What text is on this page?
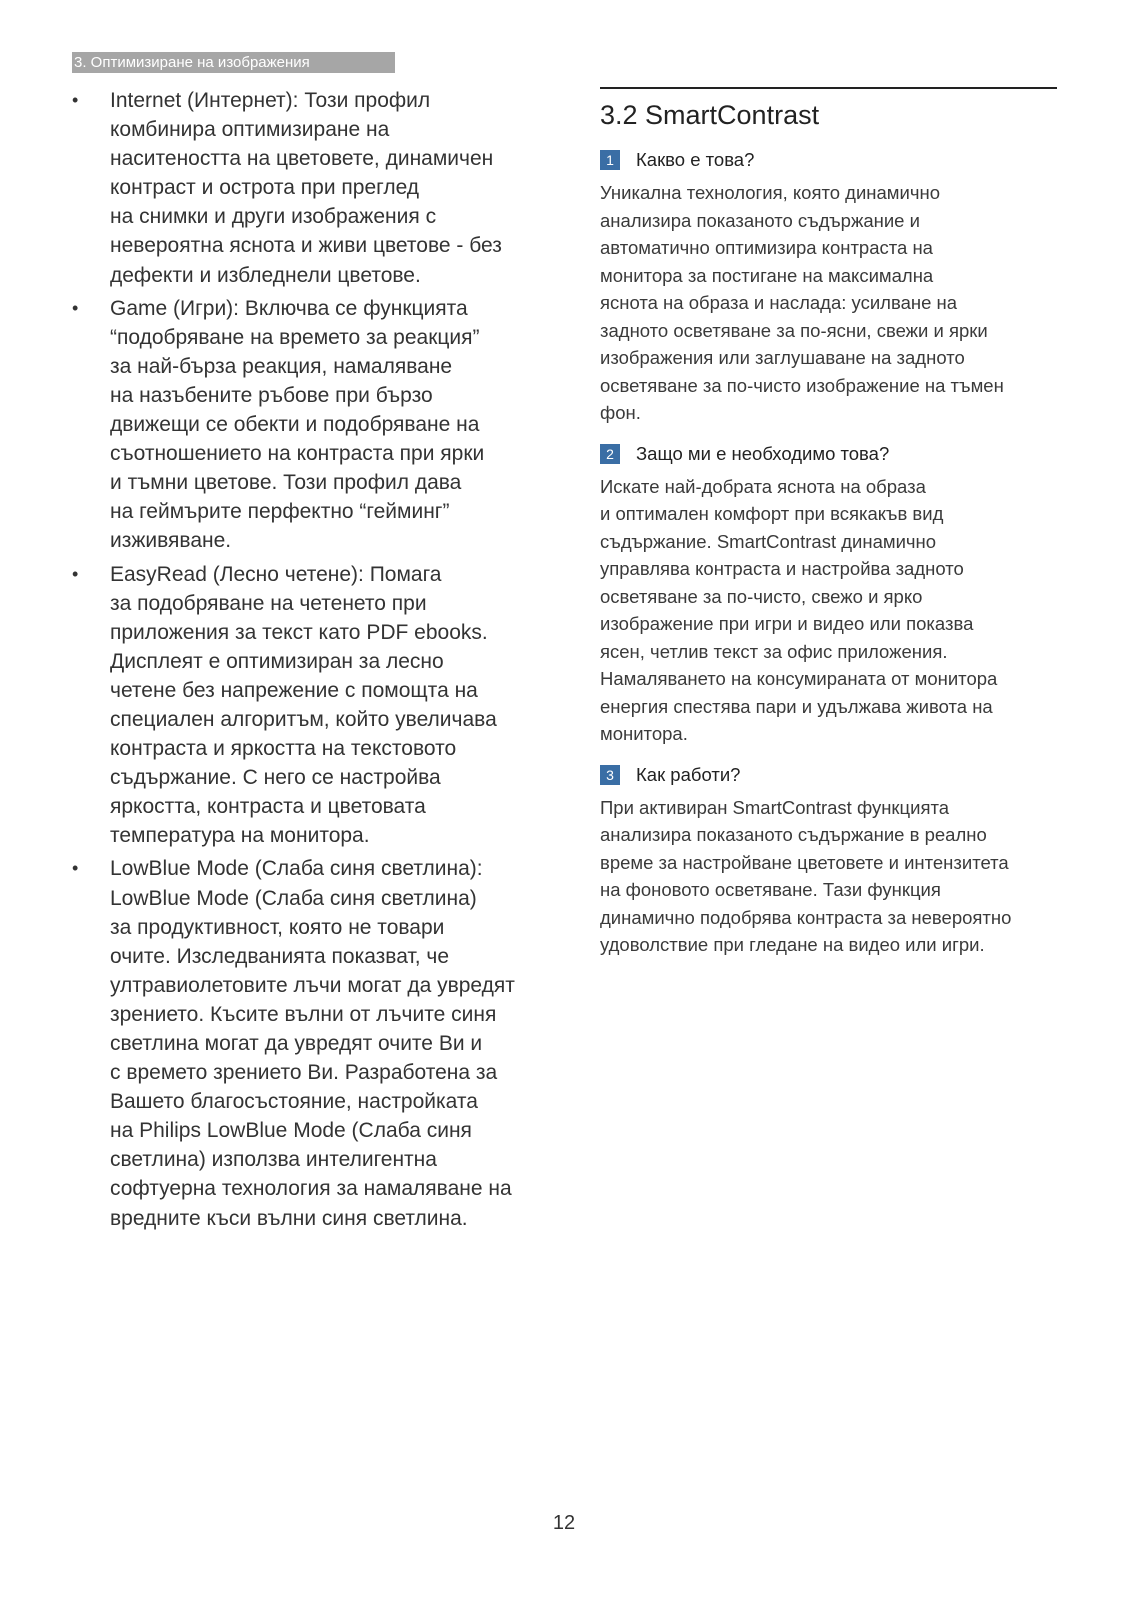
3. Оптимизиране на изображения
• Internet (Интернет): Този профил
комбинира оптимизиране на
наситеността на цветовете, динамичен
контраст и острота при преглед
на снимки и други изображения с
невероятна яснота и живи цветове - без
дефекти и избледнели цветове.
• Game (Игри): Включва се функцията
“подобряване на времето за реакция”
за най-бърза реакция, намаляване
на назъбените ръбове при бързо
движещи се обекти и подобряване на
съотношението на контраста при ярки
и тъмни цветове. Този профил дава
на геймърите перфектно “гейминг”
изживяване.
• EasyRead (Лесно четене): Помага
за подобряване на четенето при
приложения за текст като PDF ebooks.
Дисплеят е оптимизиран за лесно
четене без напрежение с помощта на
специален алгоритъм, който увеличава
контраста и яркостта на текстовото
съдържание. С него се настройва
яркостта, контраста и цветовата
температура на монитора.
• LowBlue Mode (Слаба синя светлина):
LowBlue Mode (Слаба синя светлина)
за продуктивност, която не товари
очите. Изследванията показват, че
ултравиолетовите лъчи могат да увредят
зрението. Късите вълни от лъчите синя
светлина могат да увредят очите Ви и
с времето зрението Ви. Разработена за
Вашето благосъстояние, настройката
на Philips LowBlue Mode (Слаба синя
светлина) използва интелигентна
софтуерна технология за намаляване на
вредните къси вълни синя светлина.
3.2 SmartContrast
1	Какво е това?
Уникална технология, която динамично
анализира показаното съдържание и
автоматично оптимизира контраста на
монитора за постигане на максимална
яснота на образа и наслада: усилване на
задното осветяване за по-ясни, свежи и ярки
изображения или заглушаване на задното
осветяване за по-чисто изображение на тъмен
фон.
2	Защо ми е необходимо това?
Искате най-добрата яснота на образа
и оптимален комфорт при всякакъв вид
съдържание. SmartContrast динамично
управлява контраста и настройва задното
осветяване за по-чисто, свежо и ярко
изображение при игри и видео или показва
ясен, четлив текст за офис приложения.
Намаляването на консумираната от монитора
енергия спестява пари и удължава живота на
монитора.
3	Как работи?
При активиран SmartContrast функцията
анализира показаното съдържание в реално
време за настройване цветовете и интензитета
на фоновото осветяване. Тази функция
динамично подобрява контраста за невероятно
удоволствие при гледане на видео или игри.
12
